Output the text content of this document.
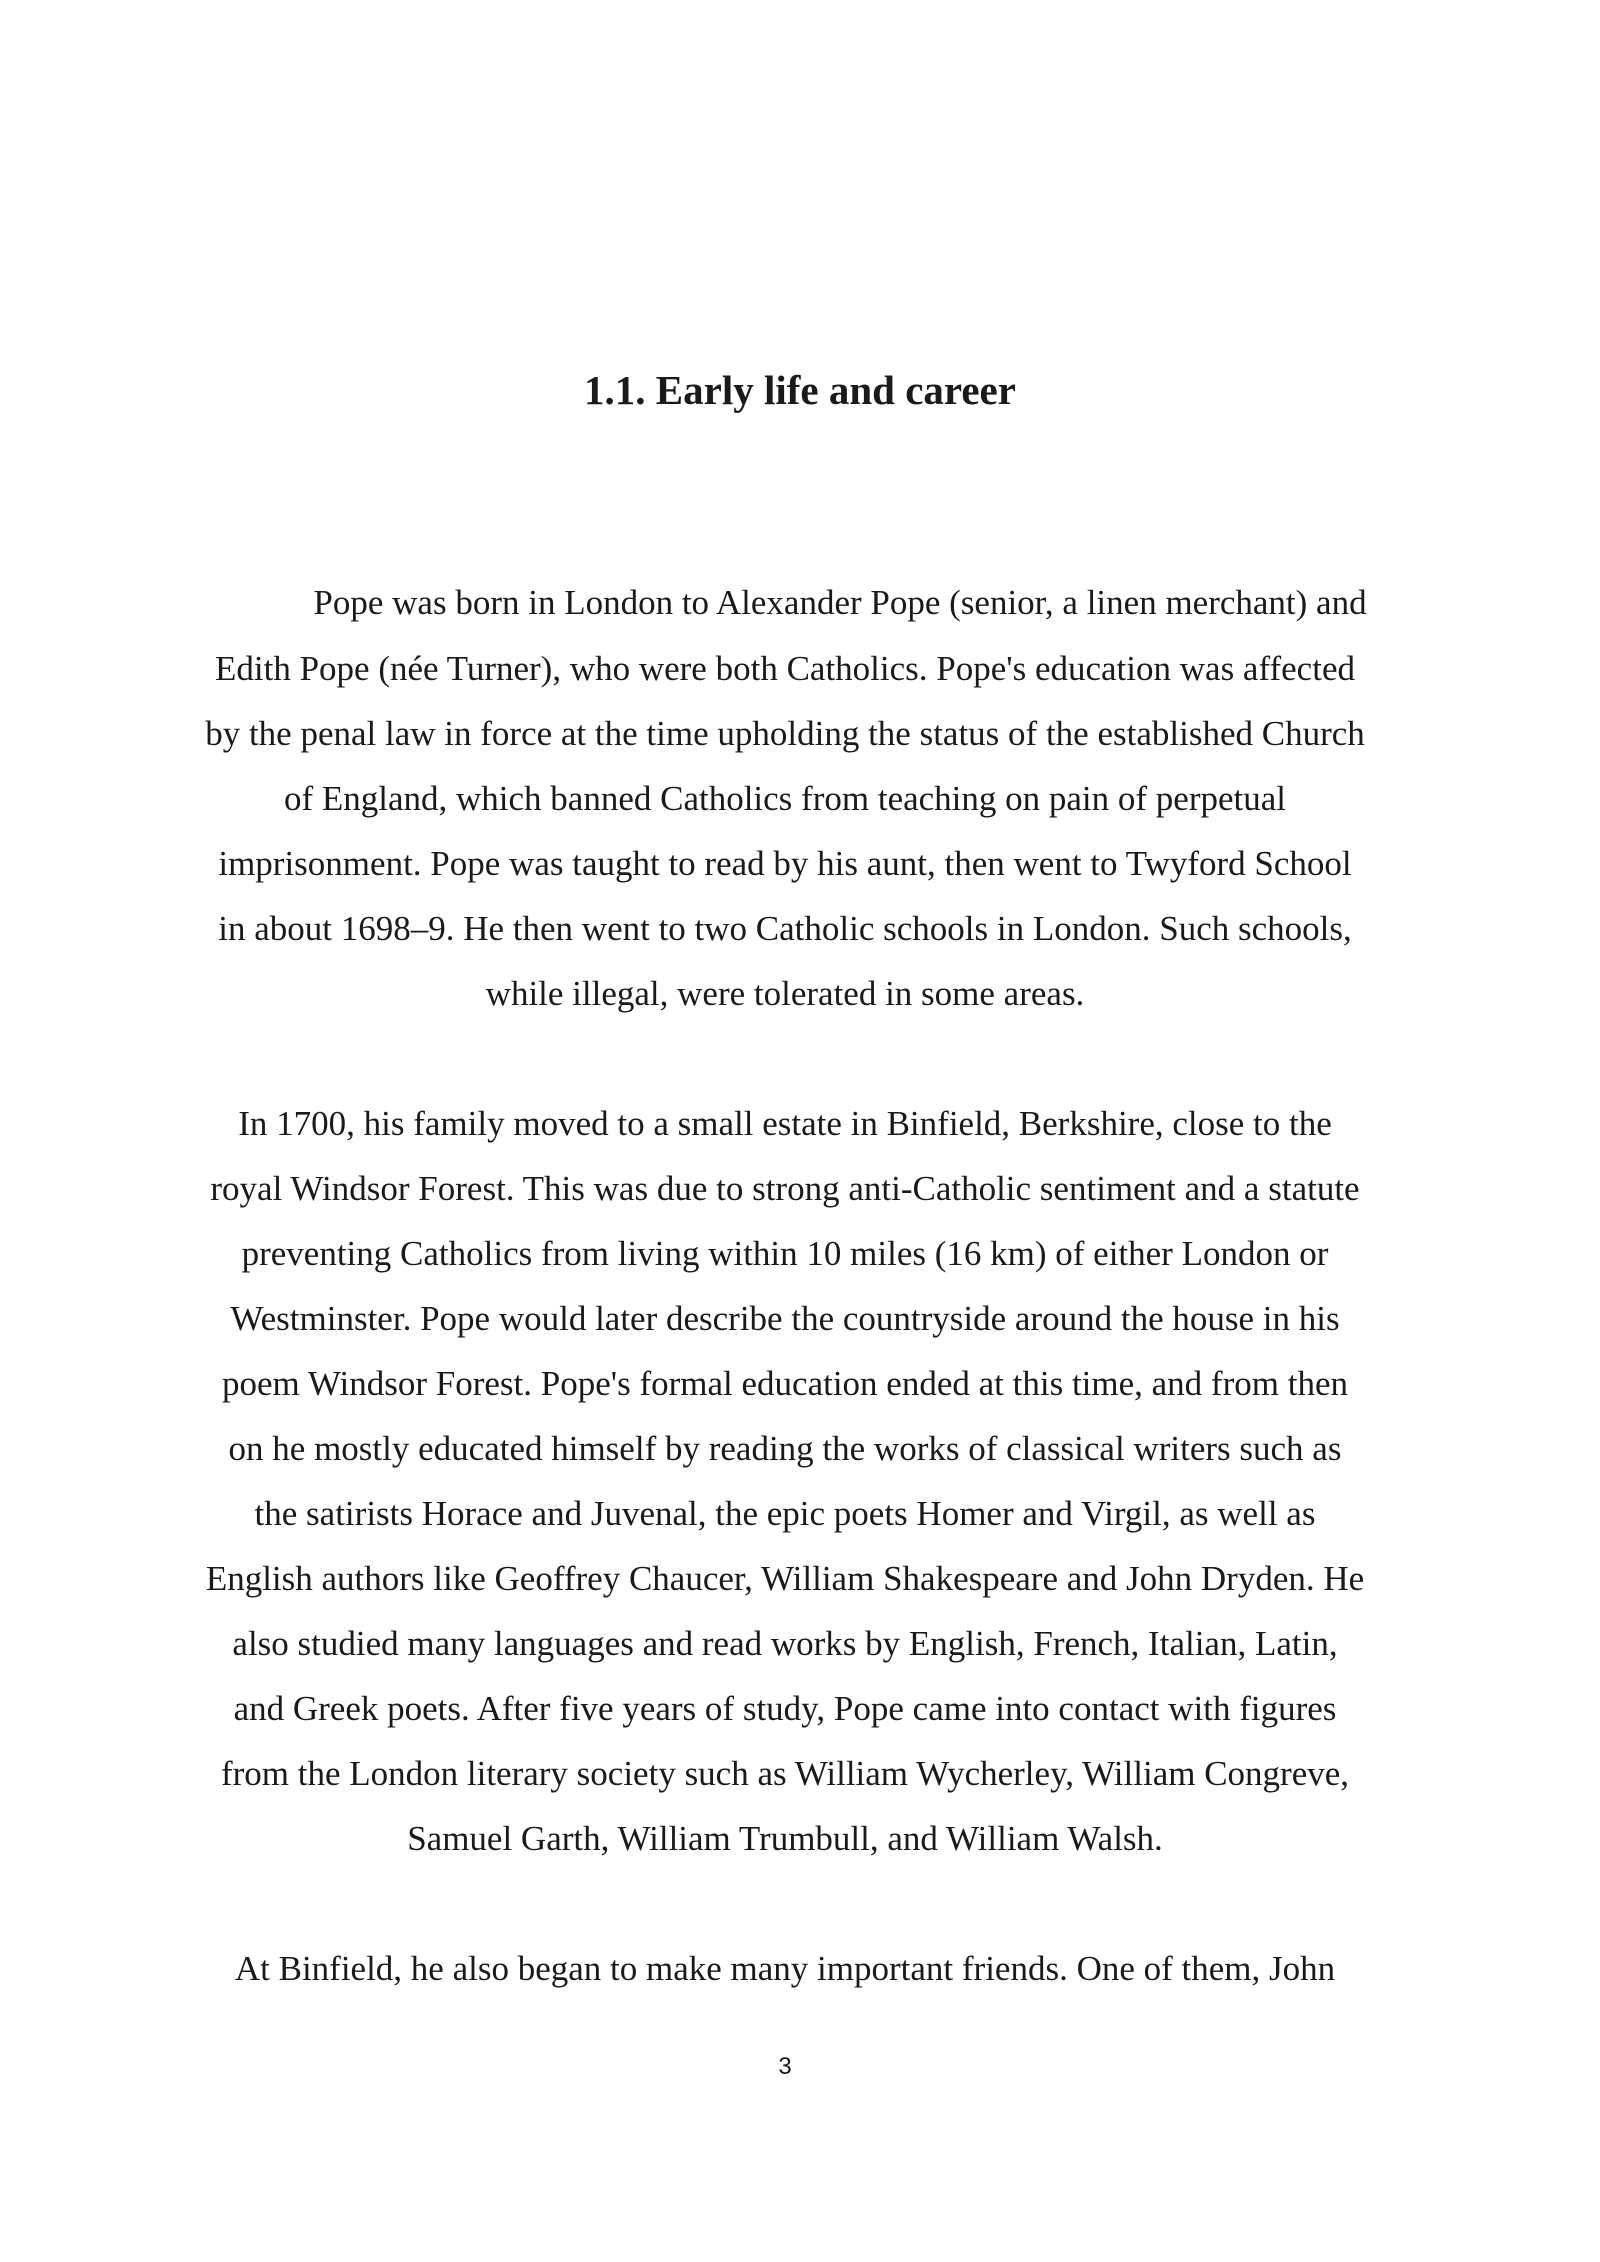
1.1. Early life and career

Pope was born in London to Alexander Pope (senior, a linen merchant) and

Edith Pope (née Turner), who were both Catholics. Pope's education was affected

by the penal law in force at the time upholding the status of the established Church

of England, which banned Catholics from teaching on pain of perpetual

imprisonment. Pope was taught to read by his aunt, then went to Twyford School

in about 1698–9. He then went to two Catholic schools in London. Such schools,

while illegal, were tolerated in some areas.

In 1700, his family moved to a small estate in Binfield, Berkshire, close to the

royal Windsor Forest. This was due to strong anti-Catholic sentiment and a statute

preventing Catholics from living within 10 miles (16 km) of either London or

Westminster. Pope would later describe the countryside around the house in his

poem Windsor Forest. Pope's formal education ended at this time, and from then

on he mostly educated himself by reading the works of classical writers such as

the satirists Horace and Juvenal, the epic poets Homer and Virgil, as well as

English authors like Geoffrey Chaucer, William Shakespeare and John Dryden. He

also studied many languages and read works by English, French, Italian, Latin,

and Greek poets. After five years of study, Pope came into contact with figures

from the London literary society such as William Wycherley, William Congreve,

Samuel Garth, William Trumbull, and William Walsh.

At Binfield, he also began to make many important friends. One of them, John

3
